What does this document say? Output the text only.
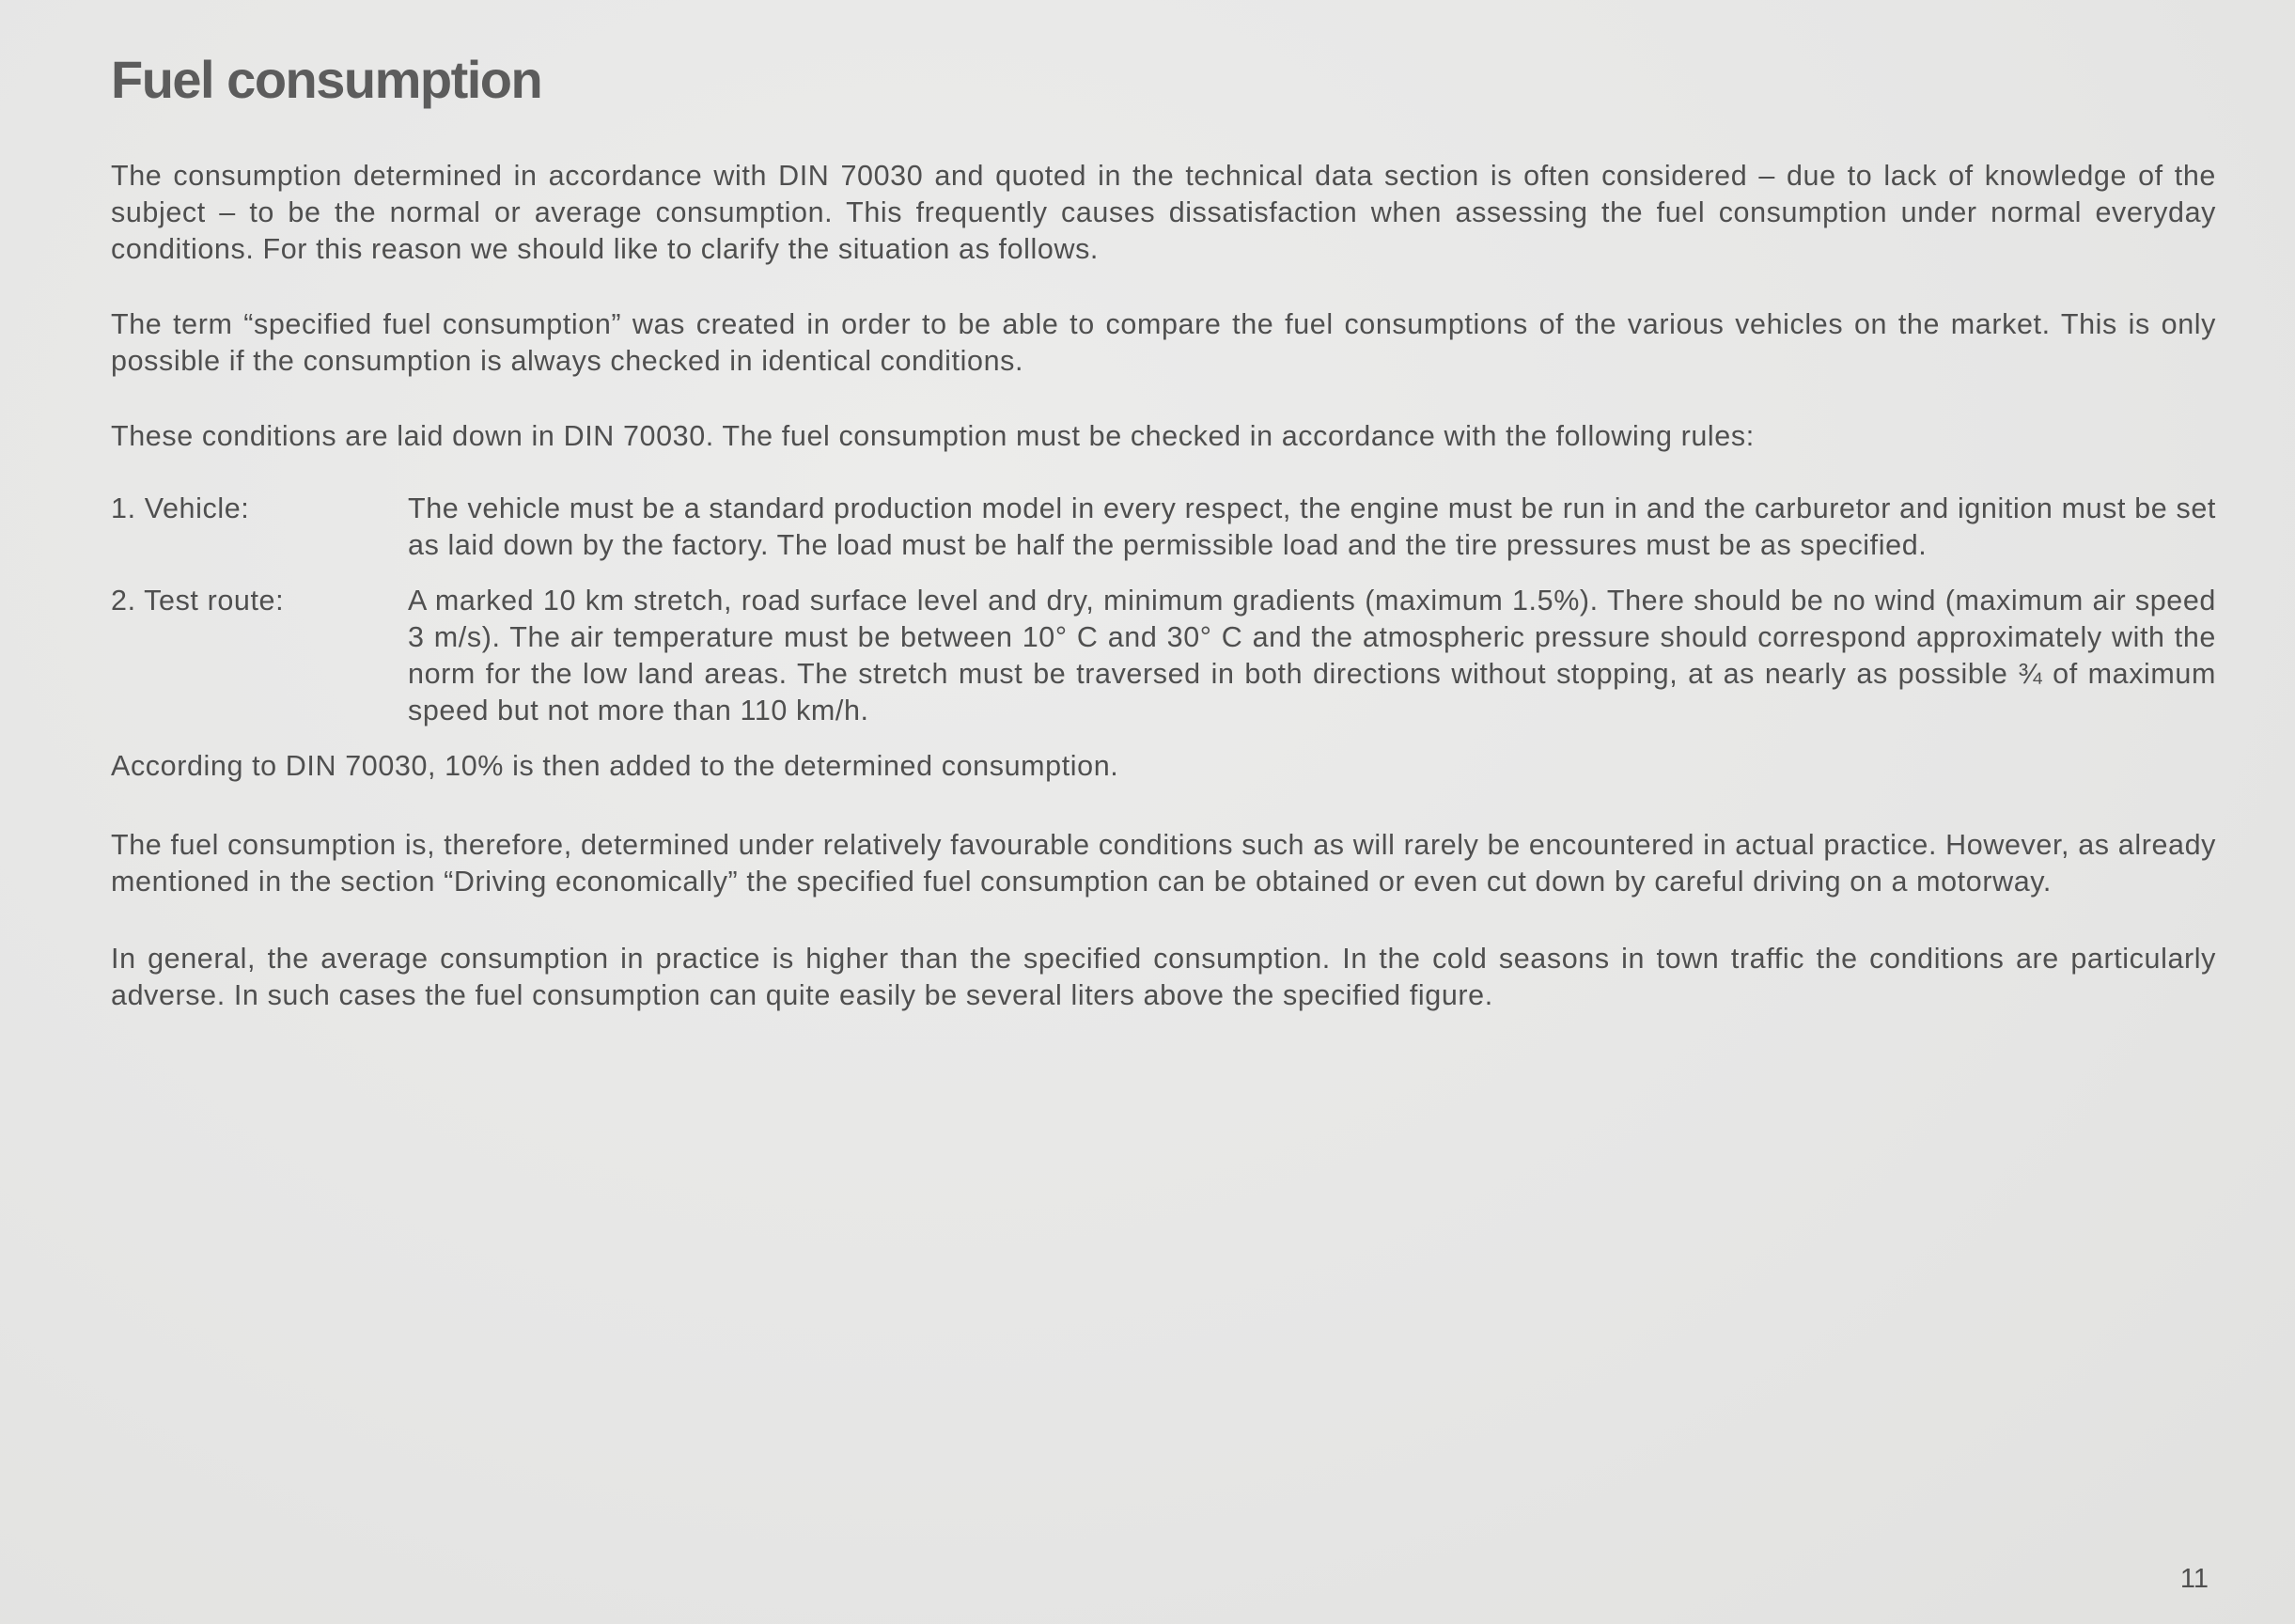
Fuel consumption

The consumption determined in accordance with DIN 70030 and quoted in the technical data section is often considered – due to lack of knowledge of the subject – to be the normal or average consumption. This frequently causes dissatisfaction when assessing the fuel consumption under normal everyday conditions. For this reason we should like to clarify the situation as follows.

The term “specified fuel consumption” was created in order to be able to compare the fuel consumptions of the various vehicles on the market. This is only possible if the consumption is always checked in identical conditions.

These conditions are laid down in DIN 70030. The fuel consumption must be checked in accordance with the following rules:

1. Vehicle:	The vehicle must be a standard production model in every respect, the engine must be run in and the carburetor and ignition must be set as laid down by the factory. The load must be half the permissible load and the tire pressures must be as specified.

2. Test route:	A marked 10 km stretch, road surface level and dry, minimum gradients (maximum 1.5%). There should be no wind (maximum air speed 3 m/s). The air temperature must be between 10° C and 30° C and the atmospheric pressure should correspond approximately with the norm for the low land areas. The stretch must be traversed in both directions without stopping, at as nearly as possible ¾ of maximum speed but not more than 110 km/h.

According to DIN 70030, 10% is then added to the determined consumption.

The fuel consumption is, therefore, determined under relatively favourable conditions such as will rarely be encountered in actual practice. However, as already mentioned in the section “Driving economically” the specified fuel consumption can be obtained or even cut down by careful driving on a motorway.

In general, the average consumption in practice is higher than the specified consumption. In the cold seasons in town traffic the conditions are particularly adverse. In such cases the fuel consumption can quite easily be several liters above the specified figure.

11
